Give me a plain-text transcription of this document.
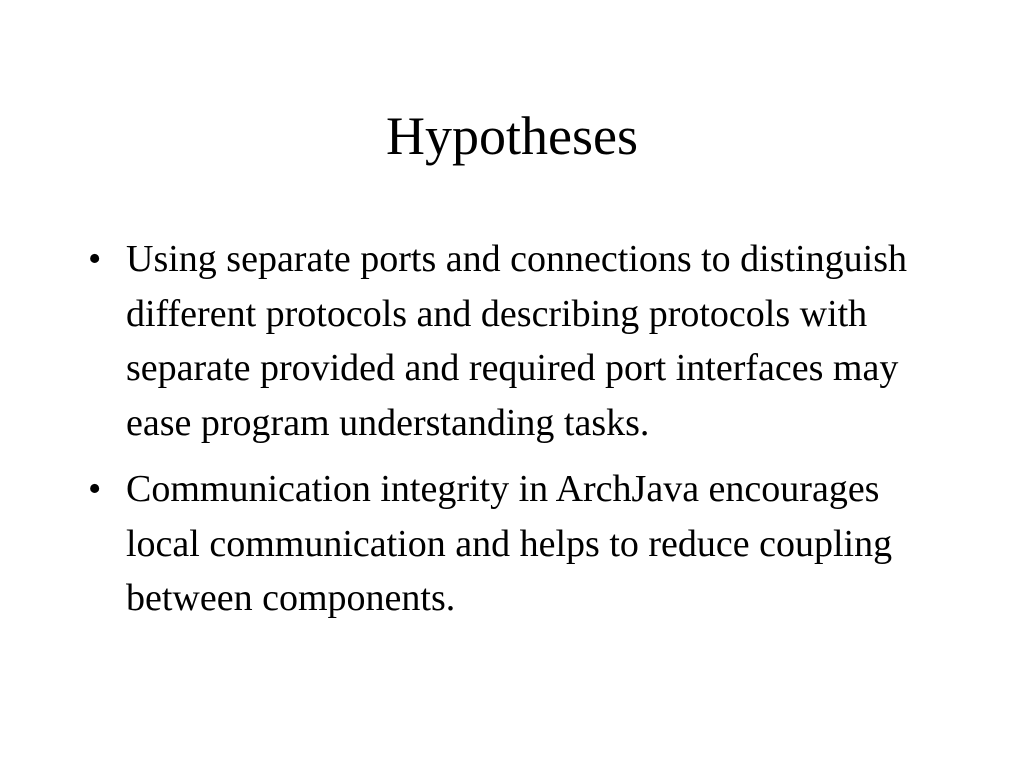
Hypotheses
• Using separate ports and connections to distinguish different protocols and describing protocols with separate provided and required port interfaces may ease program understanding tasks.
• Communication integrity in ArchJava encourages local communication and helps to reduce coupling between components.
